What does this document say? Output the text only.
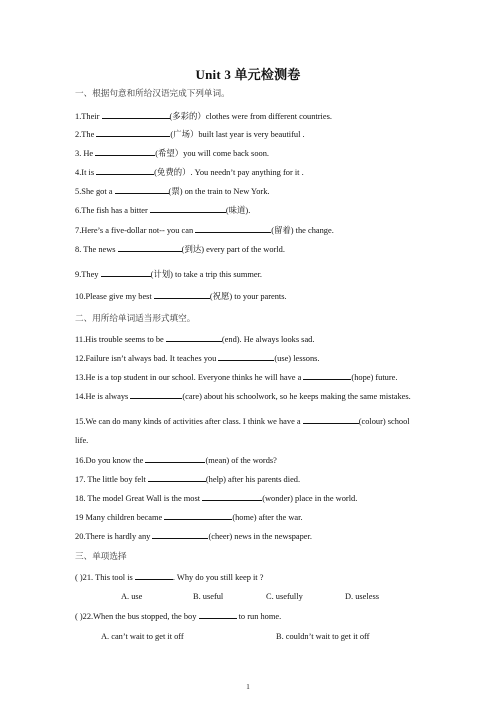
Unit 3 单元检测卷
一、根据句意和所给汉语完成下列单词。
1.Their	(多彩的）clothes were from different countries.
2.The	(广场）built last year is very beautiful .
3. He	(希望）you will come back soon.
4.It is	(免费的）. You needn’t pay anything for it .
5.She got a	(票) on the train to New York.
6.The fish has a bitter	(味道).
7.Here’s a five-dollar not-- you can	(留着) the change.
8. The news	(到达) every part of the world.
9.They	(计划) to take a trip this summer.
10.Please give my best	(祝愿) to your parents.
二、用所给单词适当形式填空。
11.His trouble seems to be	(end). He always looks sad.
12.Failure isn’t always bad. It teaches you	(use) lessons.
13.He is a top student in our school. Everyone thinks he will have a	(hope) future.
14.He is always	(care) about his schoolwork, so he keeps making the same mistakes.
15.We can do many kinds of activities after class. I think we have a	(colour) school
life.
16.Do you know the	(mean) of the words?
17. The little boy felt	(help) after his parents died.
18. The model Great Wall is the most	(wonder) place in the world.
19 Many children became	(home) after the war.
20.There is hardly any	(cheer) news in the newspaper.
三、单项选择
( )21. This tool is	. Why do you still keep it ?
A. use	B. useful	C. usefully	D. useless
( )22.When the bus stopped, the boy	to run home.
A. can’t wait to get it off	B. couldn’t wait to get it off
1
